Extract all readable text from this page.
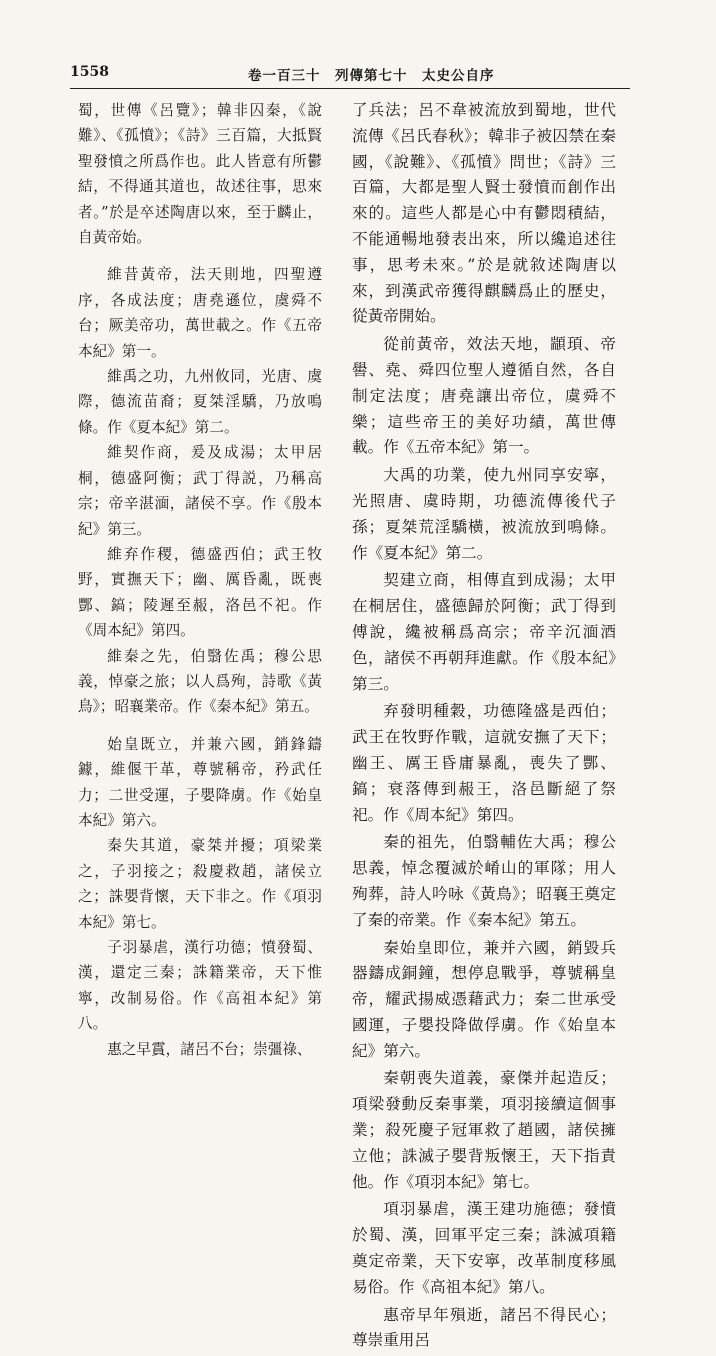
1558	卷一百三十　列傳第七十　太史公自序

蜀，世傳《呂覽》；韓非囚秦，《說難》、《孤憤》；《詩》三百篇，大抵賢聖發憤之所爲作也。此人皆意有所鬱結，不得通其道也，故述往事，思來者。”於是卒述陶唐以來，至于麟止，自黃帝始。

維昔黃帝，法天則地，四聖遵序，各成法度；唐堯遜位，虞舜不台；厥美帝功，萬世載之。作《五帝本紀》第一。

維禹之功，九州攸同，光唐、虞際，德流苗裔；夏桀淫驕，乃放鳴條。作《夏本紀》第二。

維契作商，爰及成湯；太甲居桐，德盛阿衡；武丁得説，乃稱高宗；帝辛湛湎，諸侯不享。作《殷本紀》第三。

維弃作稷，德盛西伯；武王牧野，實撫天下；幽、厲昏亂，既喪酆、鎬；陵遲至赧，洛邑不祀。作《周本紀》第四。

維秦之先，伯翳佐禹；穆公思義，悼豪之旅；以人爲殉，詩歌《黃鳥》；昭襄業帝。作《秦本紀》第五。

始皇既立，并兼六國，銷鋒鑄鐻，維偃干革，尊號稱帝，矜武任力；二世受運，子嬰降虜。作《始皇本紀》第六。

秦失其道，豪桀并擾；項梁業之，子羽接之；殺慶救趙，諸侯立之；誅嬰背懷，天下非之。作《項羽本紀》第七。

子羽暴虐，漢行功德；憤發蜀、漢，還定三秦；誅籍業帝，天下惟寧，改制易俗。作《高祖本紀》第八。

惠之早霣，諸呂不台；崇彊祿、

了兵法；呂不韋被流放到蜀地，世代流傳《呂氏春秋》；韓非子被囚禁在秦國，《說難》、《孤憤》問世；《詩》三百篇，大都是聖人賢士發憤而創作出來的。這些人都是心中有鬱悶積結，不能通暢地發表出來，所以纔追述往事，思考未來。”於是就敘述陶唐以來，到漢武帝獲得麒麟爲止的歷史，從黃帝開始。

從前黃帝，效法天地，顓頊、帝嚳、堯、舜四位聖人遵循自然，各自制定法度；唐堯讓出帝位，虞舜不樂；這些帝王的美好功績，萬世傳載。作《五帝本紀》第一。

大禹的功業，使九州同享安寧，光照唐、虞時期，功德流傳後代子孫；夏桀荒淫驕橫，被流放到鳴條。作《夏本紀》第二。

契建立商，相傳直到成湯；太甲在桐居住，盛德歸於阿衡；武丁得到傅說，纔被稱爲高宗；帝辛沉湎酒色，諸侯不再朝拜進獻。作《殷本紀》第三。

弃發明種穀，功德隆盛是西伯；武王在牧野作戰，這就安撫了天下；幽王、厲王昏庸暴亂，喪失了酆、鎬；衰落傳到赧王，洛邑斷絕了祭祀。作《周本紀》第四。

秦的祖先，伯翳輔佐大禹；穆公思義，悼念覆滅於崤山的軍隊；用人殉葬，詩人吟咏《黃鳥》；昭襄王奠定了秦的帝業。作《秦本紀》第五。

秦始皇即位，兼并六國，銷毀兵器鑄成銅鐘，想停息戰爭，尊號稱皇帝，耀武揚威憑藉武力；秦二世承受國運，子嬰投降做俘虜。作《始皇本紀》第六。

秦朝喪失道義，豪傑并起造反；項梁發動反秦事業，項羽接續這個事業；殺死慶子冠軍救了趙國，諸侯擁立他；誅滅子嬰背叛懷王，天下指責他。作《項羽本紀》第七。

項羽暴虐，漢王建功施德；發憤於蜀、漢，回軍平定三秦；誅滅項籍奠定帝業，天下安寧，改革制度移風易俗。作《高祖本紀》第八。

惠帝早年殞逝，諸呂不得民心；尊崇重用呂
